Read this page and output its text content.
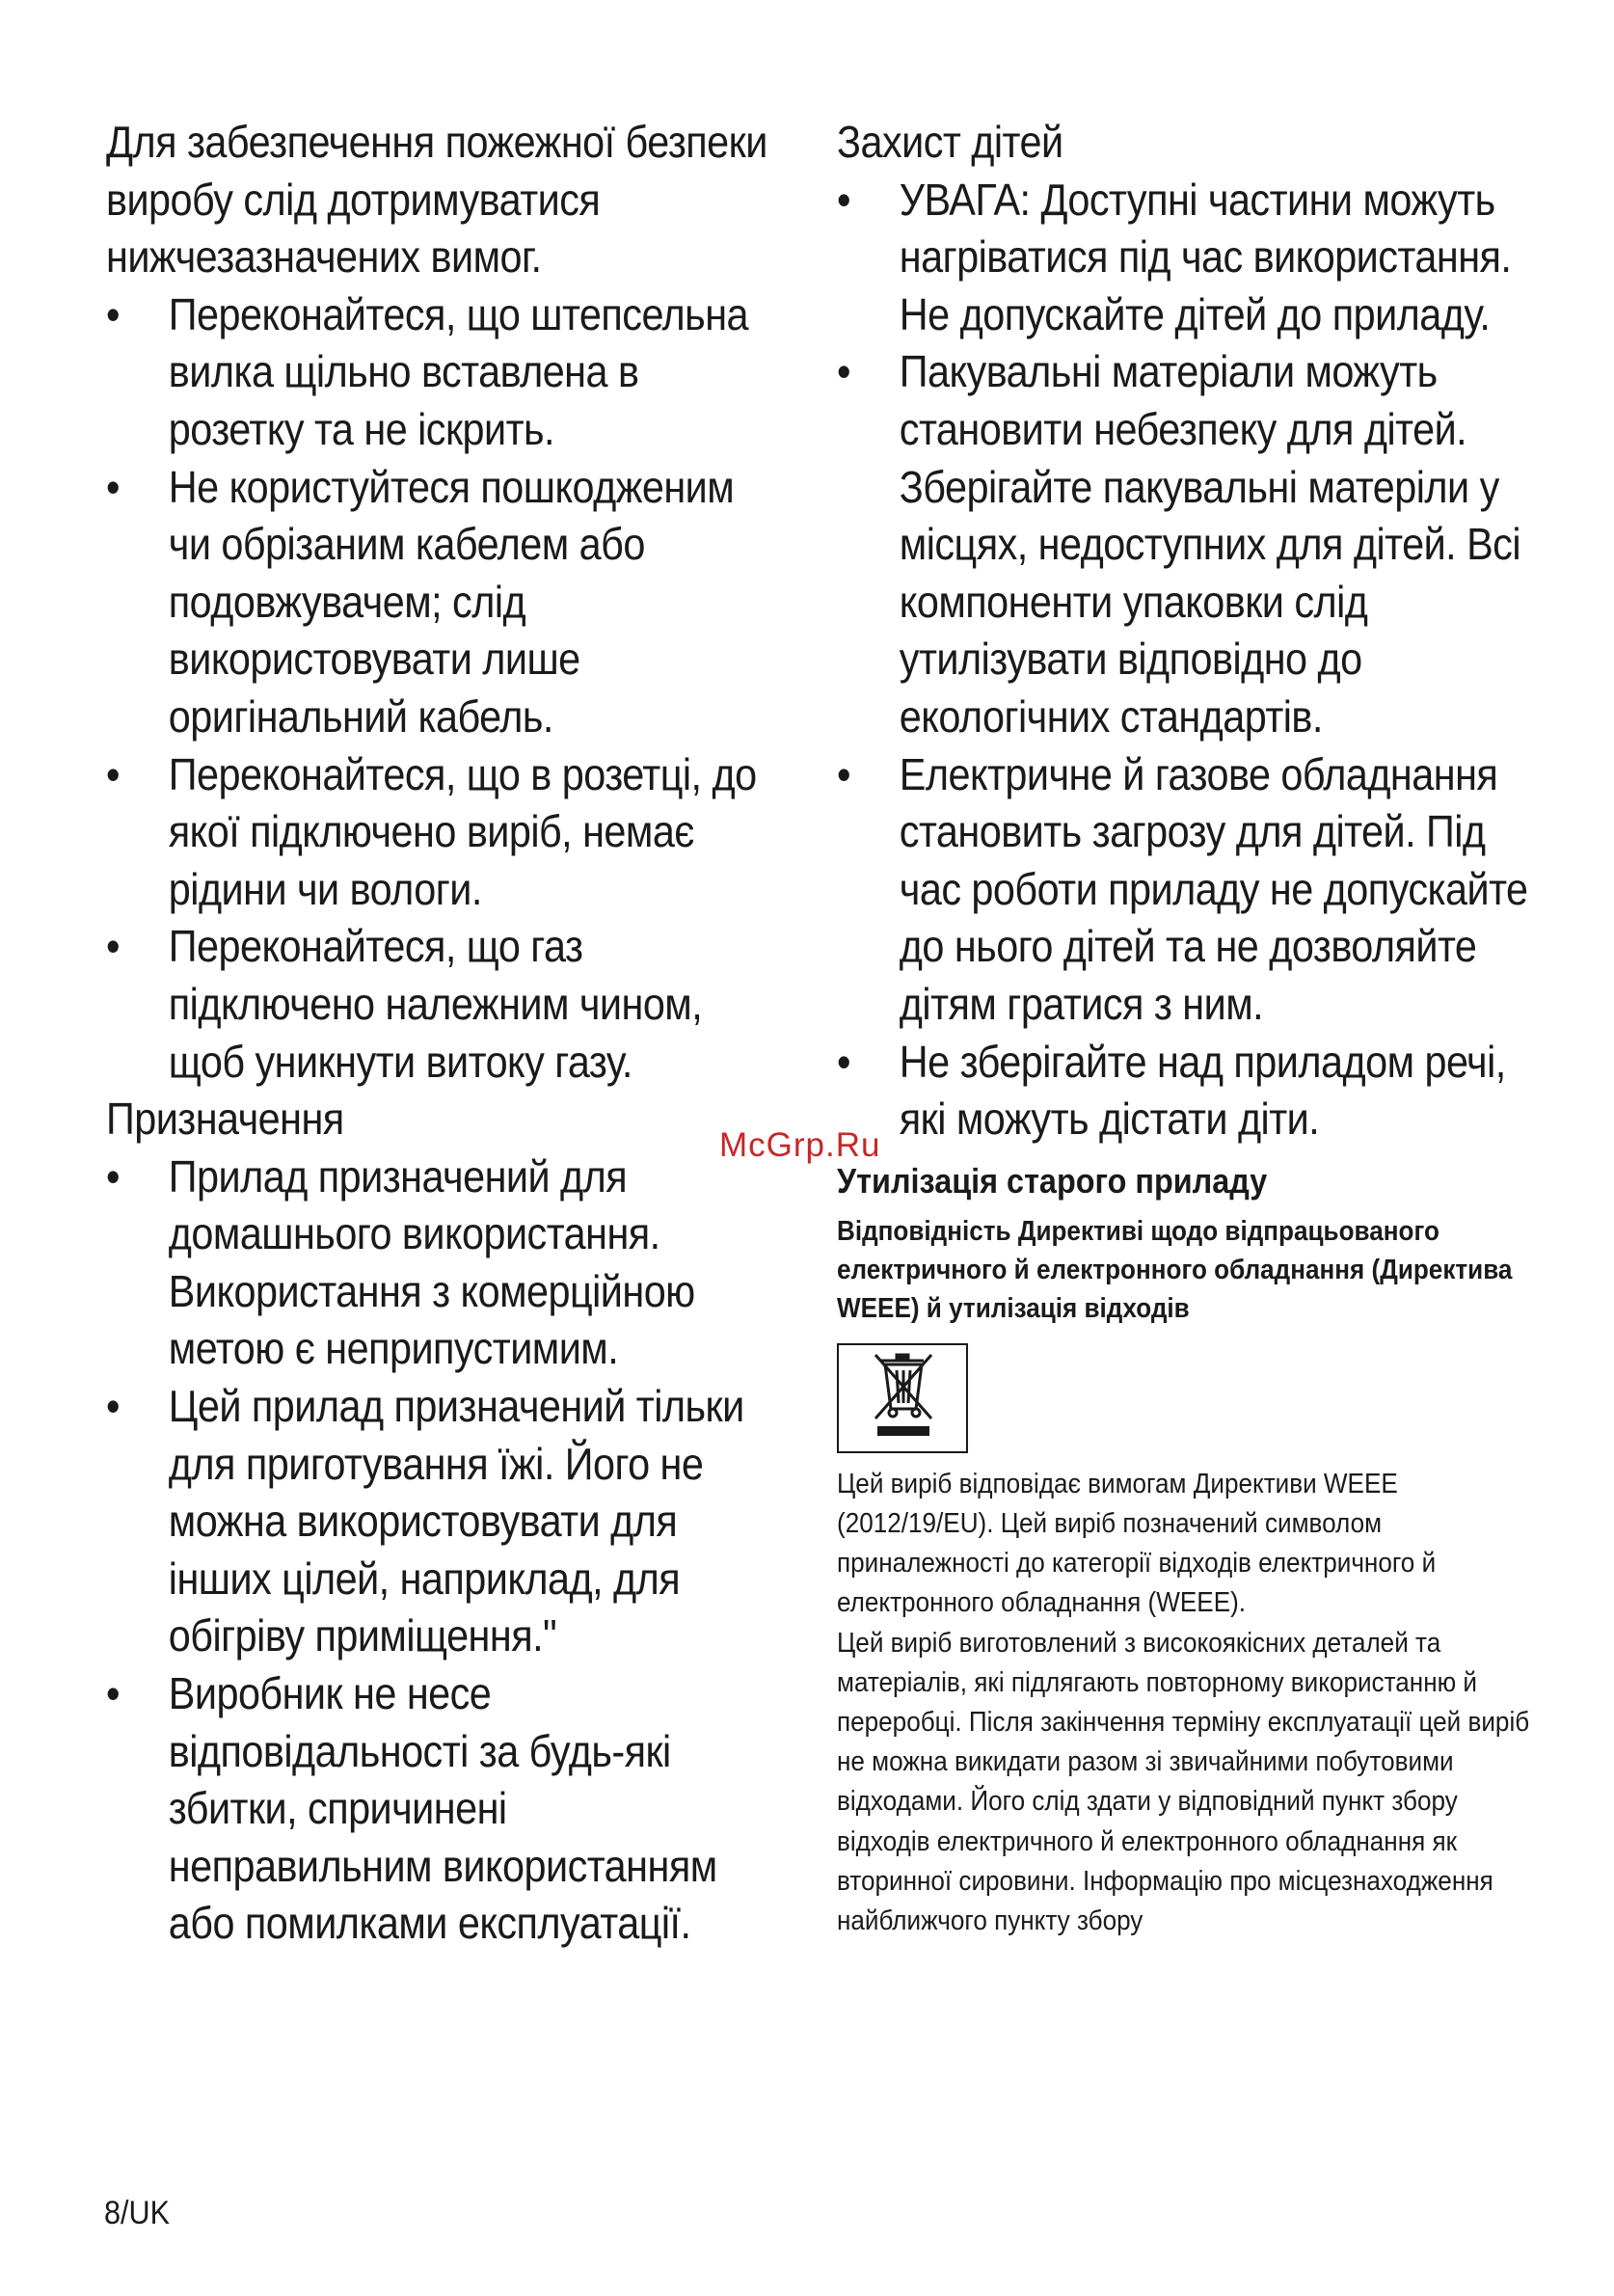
Для забезпечення пожежної безпеки виробу слід дотримуватися нижчезазначених вимог.

• Переконайтеся, що штепсельна вилка щільно вставлена в розетку та не іскрить.
• Не користуйтеся пошкодженим чи обрізаним кабелем або подовжувачем; слід використовувати лише оригінальний кабель.
• Переконайтеся, що в розетці, до якої підключено виріб, немає рідини чи вологи.
• Переконайтеся, що газ підключено належним чином, щоб уникнути витоку газу.

Призначення

• Прилад призначений для домашнього використання. Використання з комерційною метою є неприпустимим.
• Цей прилад призначений тільки для приготування їжі. Його не можна використовувати для інших цілей, наприклад, для обігріву приміщення."
• Виробник не несе відповідальності за будь-які збитки, спричинені неправильним використанням або помилками експлуатації.

Захист дітей

• УВАГА: Доступні частини можуть нагріватися під час використання. Не допускайте дітей до приладу.
• Пакувальні матеріали можуть становити небезпеку для дітей. Зберігайте пакувальні матеріли у місцях, недоступних для дітей. Всі компоненти упаковки слід утилізувати відповідно до екологічних стандартів.
• Електричне й газове обладнання становить загрозу для дітей. Під час роботи приладу не допускайте до нього дітей та не дозволяйте дітям гратися з ним.
• Не зберігайте над приладом речі, які можуть дістати діти.
Утилізація старого приладу
Відповідність Директиві щодо відпрацьованого електричного й електронного обладнання (Директива WEEE) й утилізація відходів

Цей виріб відповідає вимогам Директиви WEEE (2012/19/EU). Цей виріб позначений символом приналежності до категорії відходів електричного й електронного обладнання (WEEE).

Цей виріб виготовлений з високоякісних деталей та матеріалів, які підлягають повторному використанню й переробці. Після закінчення терміну експлуатації цей виріб не можна викидати разом зі звичайними побутовими відходами. Його слід здати у відповідний пункт збору відходів електричного й електронного обладнання як вторинної сировини. Інформацію про місцезнаходження найближчого пункту збору

McGrp.Ru
8/UK
